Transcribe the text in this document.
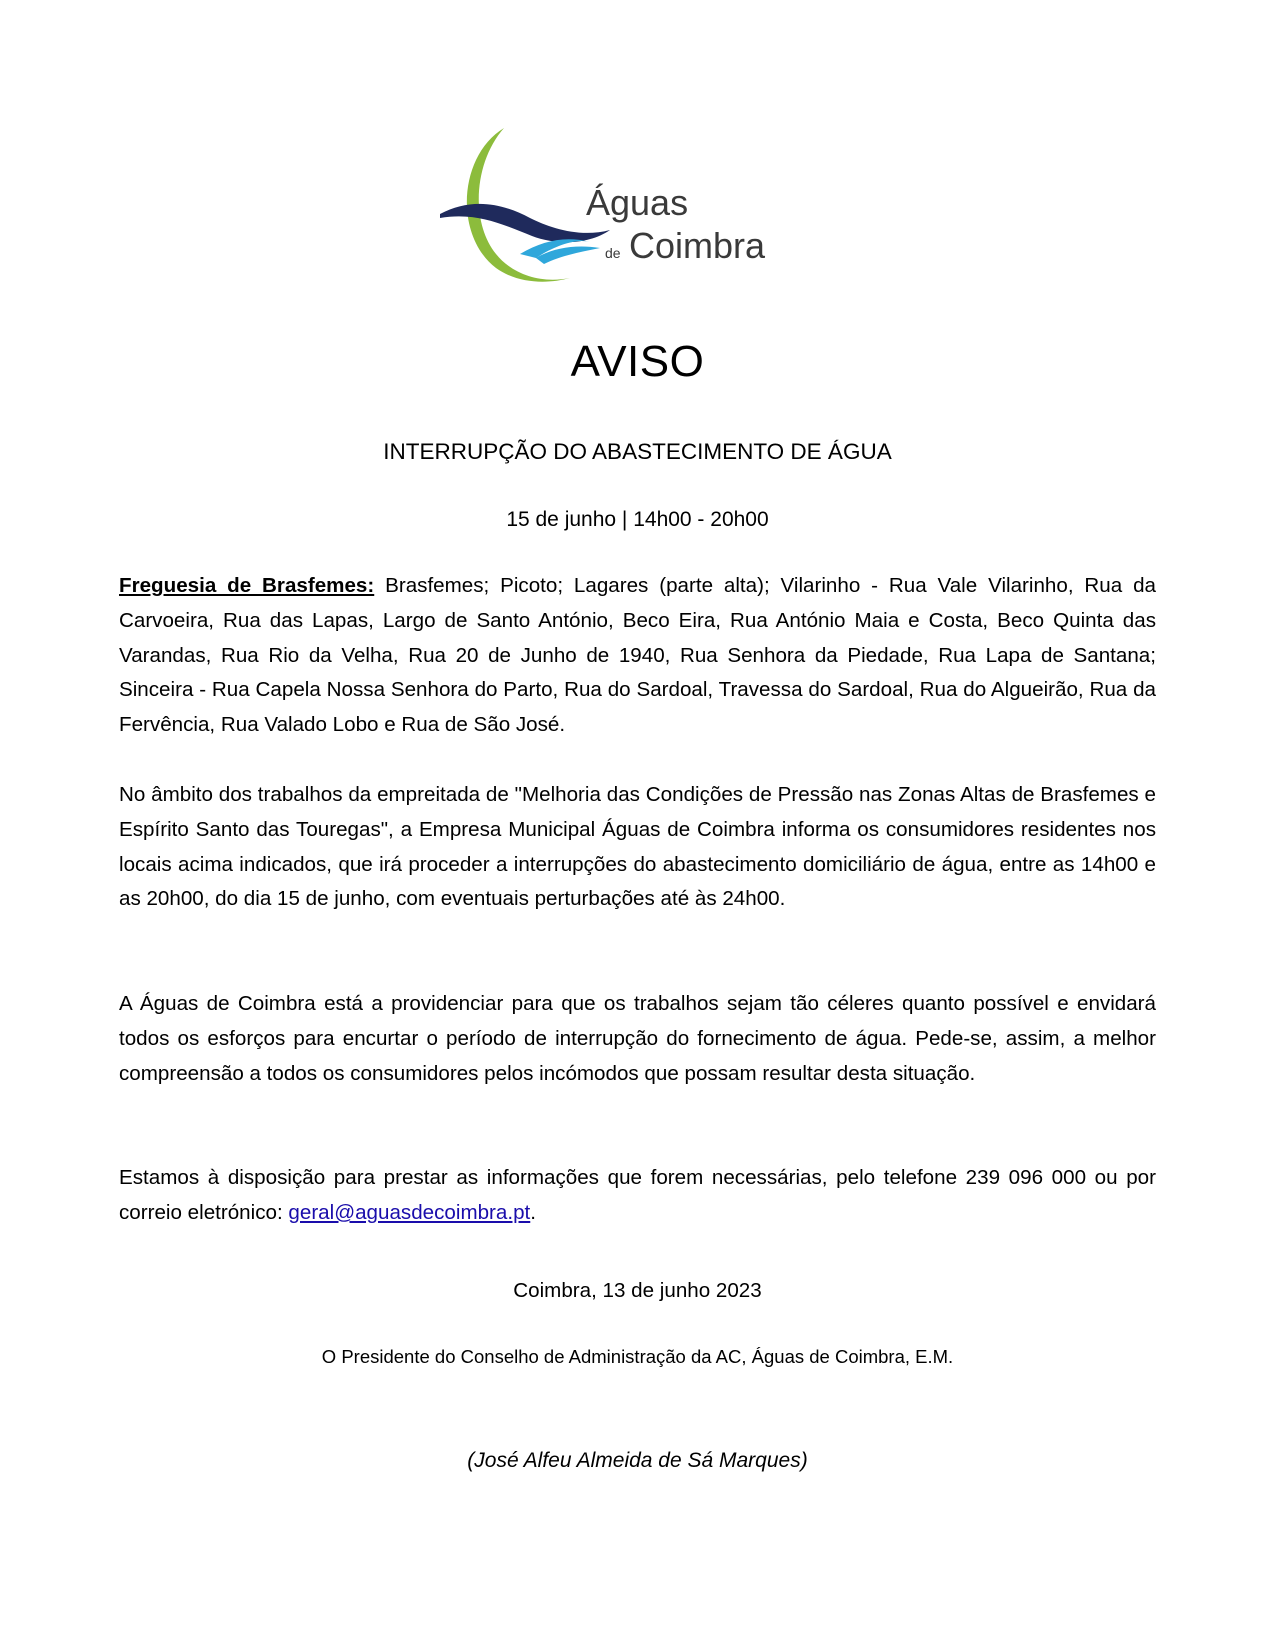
Águas
de Coimbra
AVISO
INTERRUPÇÃO DO ABASTECIMENTO DE ÁGUA
15 de junho | 14h00 - 20h00

Freguesia de Brasfemes: Brasfemes; Picoto; Lagares (parte alta); Vilarinho - Rua Vale Vilarinho, Rua da Carvoeira, Rua das Lapas, Largo de Santo António, Beco Eira, Rua António Maia e Costa, Beco Quinta das Varandas, Rua Rio da Velha, Rua 20 de Junho de 1940, Rua Senhora da Piedade, Rua Lapa de Santana; Sinceira - Rua Capela Nossa Senhora do Parto, Rua do Sardoal, Travessa do Sardoal, Rua do Algueirão, Rua da Fervência, Rua Valado Lobo e Rua de São José.

No âmbito dos trabalhos da empreitada de "Melhoria das Condições de Pressão nas Zonas Altas de Brasfemes e Espírito Santo das Touregas", a Empresa Municipal Águas de Coimbra informa os consumidores residentes nos locais acima indicados, que irá proceder a interrupções do abastecimento domiciliário de água, entre as 14h00 e as 20h00, do dia 15 de junho, com eventuais perturbações até às 24h00.

A Águas de Coimbra está a providenciar para que os trabalhos sejam tão céleres quanto possível e envidará todos os esforços para encurtar o período de interrupção do fornecimento de água. Pede-se, assim, a melhor compreensão a todos os consumidores pelos incómodos que possam resultar desta situação.

Estamos à disposição para prestar as informações que forem necessárias, pelo telefone 239 096 000 ou por correio eletrónico: geral@aguasdecoimbra.pt.

Coimbra, 13 de junho 2023
O Presidente do Conselho de Administração da AC, Águas de Coimbra, E.M.
(José Alfeu Almeida de Sá Marques)
